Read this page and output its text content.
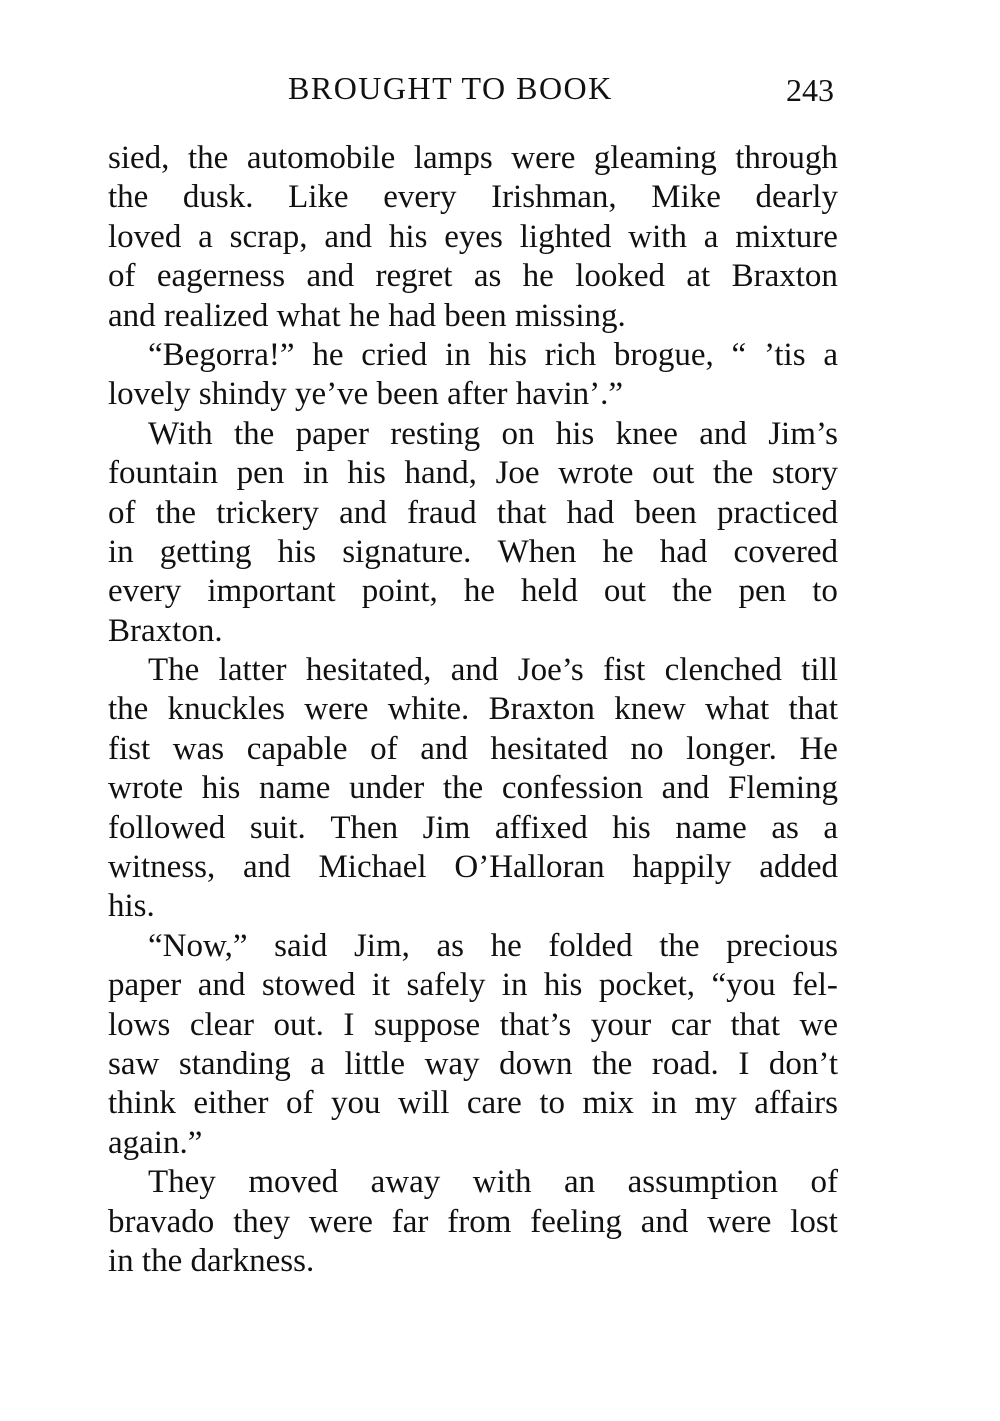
BROUGHT TO BOOK	243
sied, the automobile lamps were gleaming through
the dusk. Like every Irishman, Mike dearly
loved a scrap, and his eyes lighted with a mixture
of eagerness and regret as he looked at Braxton
and realized what he had been missing.
“Begorra!” he cried in his rich brogue, “ ’tis a
lovely shindy ye’ve been after havin’.”
With the paper resting on his knee and Jim’s
fountain pen in his hand, Joe wrote out the story
of the trickery and fraud that had been practiced
in getting his signature. When he had covered
every important point, he held out the pen to
Braxton.
The latter hesitated, and Joe’s fist clenched till
the knuckles were white. Braxton knew what that
fist was capable of and hesitated no longer. He
wrote his name under the confession and Fleming
followed suit. Then Jim affixed his name as a
witness, and Michael O’Halloran happily added
his.
“Now,” said Jim, as he folded the precious
paper and stowed it safely in his pocket, “you fel-
lows clear out. I suppose that’s your car that we
saw standing a little way down the road. I don’t
think either of you will care to mix in my affairs
again.”
They moved away with an assumption of
bravado they were far from feeling and were lost
in the darkness.
